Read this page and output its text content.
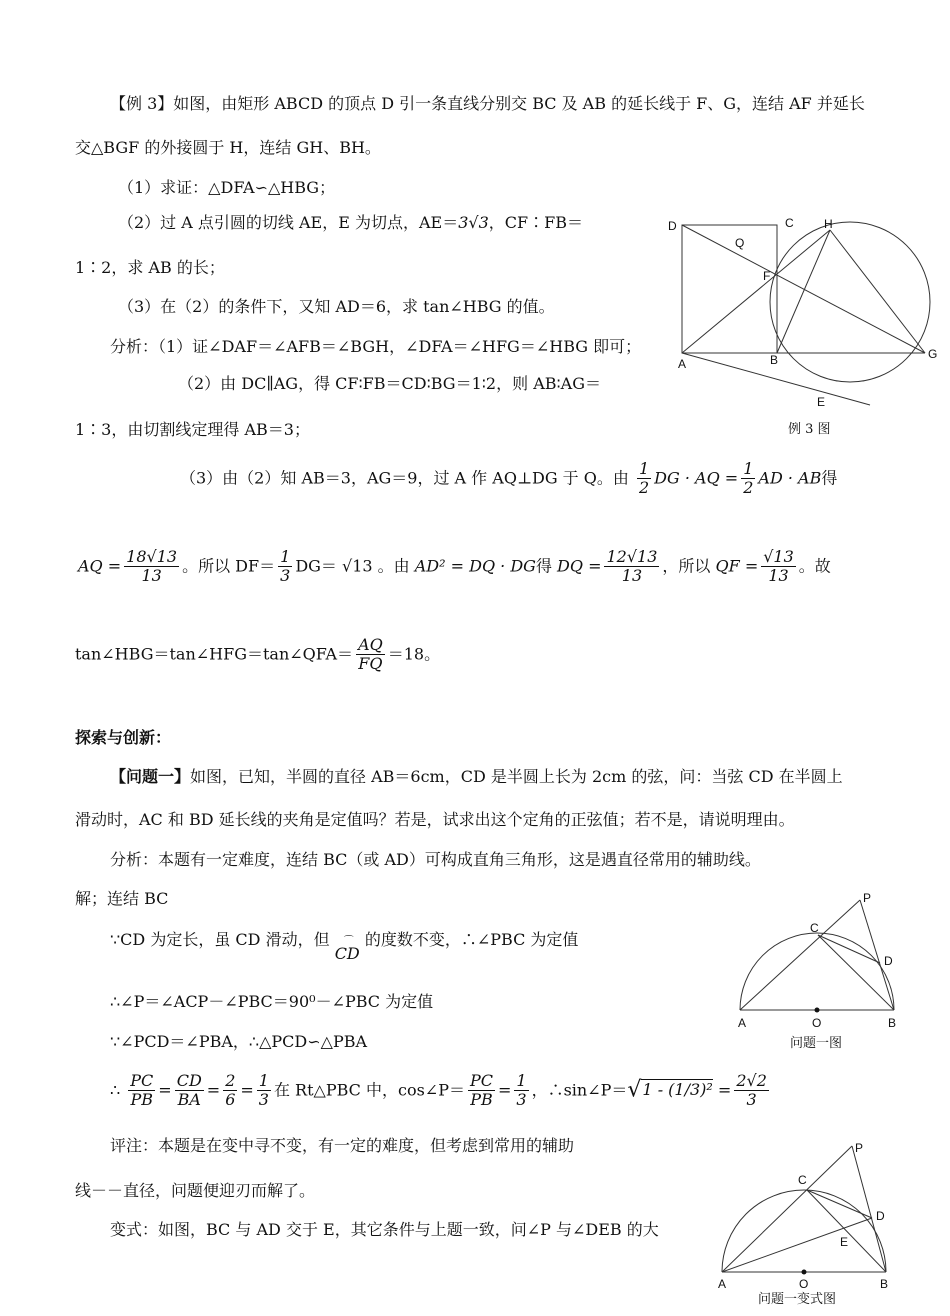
【例 3】如图，由矩形 ABCD 的顶点 D 引一条直线分别交 BC 及 AB 的延长线于 F、G，连结 AF 并延长
交△BGF 的外接圆于 H，连结 GH、BH。
（1）求证：△DFA∽△HBG；
（2）过 A 点引圆的切线 AE，E 为切点，AE＝3√3，CF∶FB＝
1∶2，求 AB 的长；
（3）在（2）的条件下，又知 AD＝6，求 tan∠HBG 的值。
分析：（1）证∠DAF＝∠AFB＝∠BGH，∠DFA＝∠HFG＝∠HBG 即可；
（2）由 DC∥AG，得 CF∶FB＝CD∶BG＝1∶2，则 AB∶AG＝
1∶3，由切割线定理得 AB＝3；
（3）由（2）知 AB＝3，AG＝9，过 A 作 AQ⊥DG 于 Q。由 $\frac{1}{2}$ DG · AQ = $\frac{1}{2}$ AD · AB得
AQ = $\frac{18√13}{13}$ 。所以 $DF= \frac{1}{3} DG= √13$ 。由 AD² = DQ · DG得 DQ = $\frac{12√13}{13}$ ，所以 QF = $\frac{√13}{13}$ 。故
tan∠HBG＝tan∠HFG＝tan∠QFA＝ $\frac{AQ}{FQ} =18$。
D	C	H
Q
F
A	B	G
E
例 3 图
探索与创新：
【问题一】如图，已知，半圆的直径 AB＝6cm，CD 是半圆上长为 2cm 的弦，问：当弦 CD 在半圆上
滑动时，AC 和 BD 延长线的夹角是定值吗？若是，试求出这个定角的正弦值；若不是，请说明理由。
分析：本题有一定难度，连结 BC（或 AD）可构成直角三角形，这是遇直径常用的辅助线。
解；连结 BC
∵CD 为定长，虽 CD 滑动，但 ⌒
CD 的度数不变，∴∠PBC 为定值
∴∠P＝∠ACP－∠PBC＝90⁰－∠PBC 为定值
∵∠PCD＝∠PBA，∴△PCD∽△PBA
∴ $\frac{PC}{PB} = \frac{CD}{BA} = \frac{2}{6} = \frac{1}{3}$ 在 Rt△PBC 中，cos∠P＝ $\frac{PC}{PB} = \frac{1}{3}$ ，∴sin∠P＝√1 - $(1/3)^2 = \frac{2√2}{3}$
评注：本题是在变中寻不变，有一定的难度，但考虑到常用的辅助
线－－直径，问题便迎刃而解了。
变式：如图，BC 与 AD 交于 E，其它条件与上题一致，问∠P 与∠DEB 的大
P
C
D
A	O	B
问题一图
P
C
D
E
A	O	B
问题一变式图
